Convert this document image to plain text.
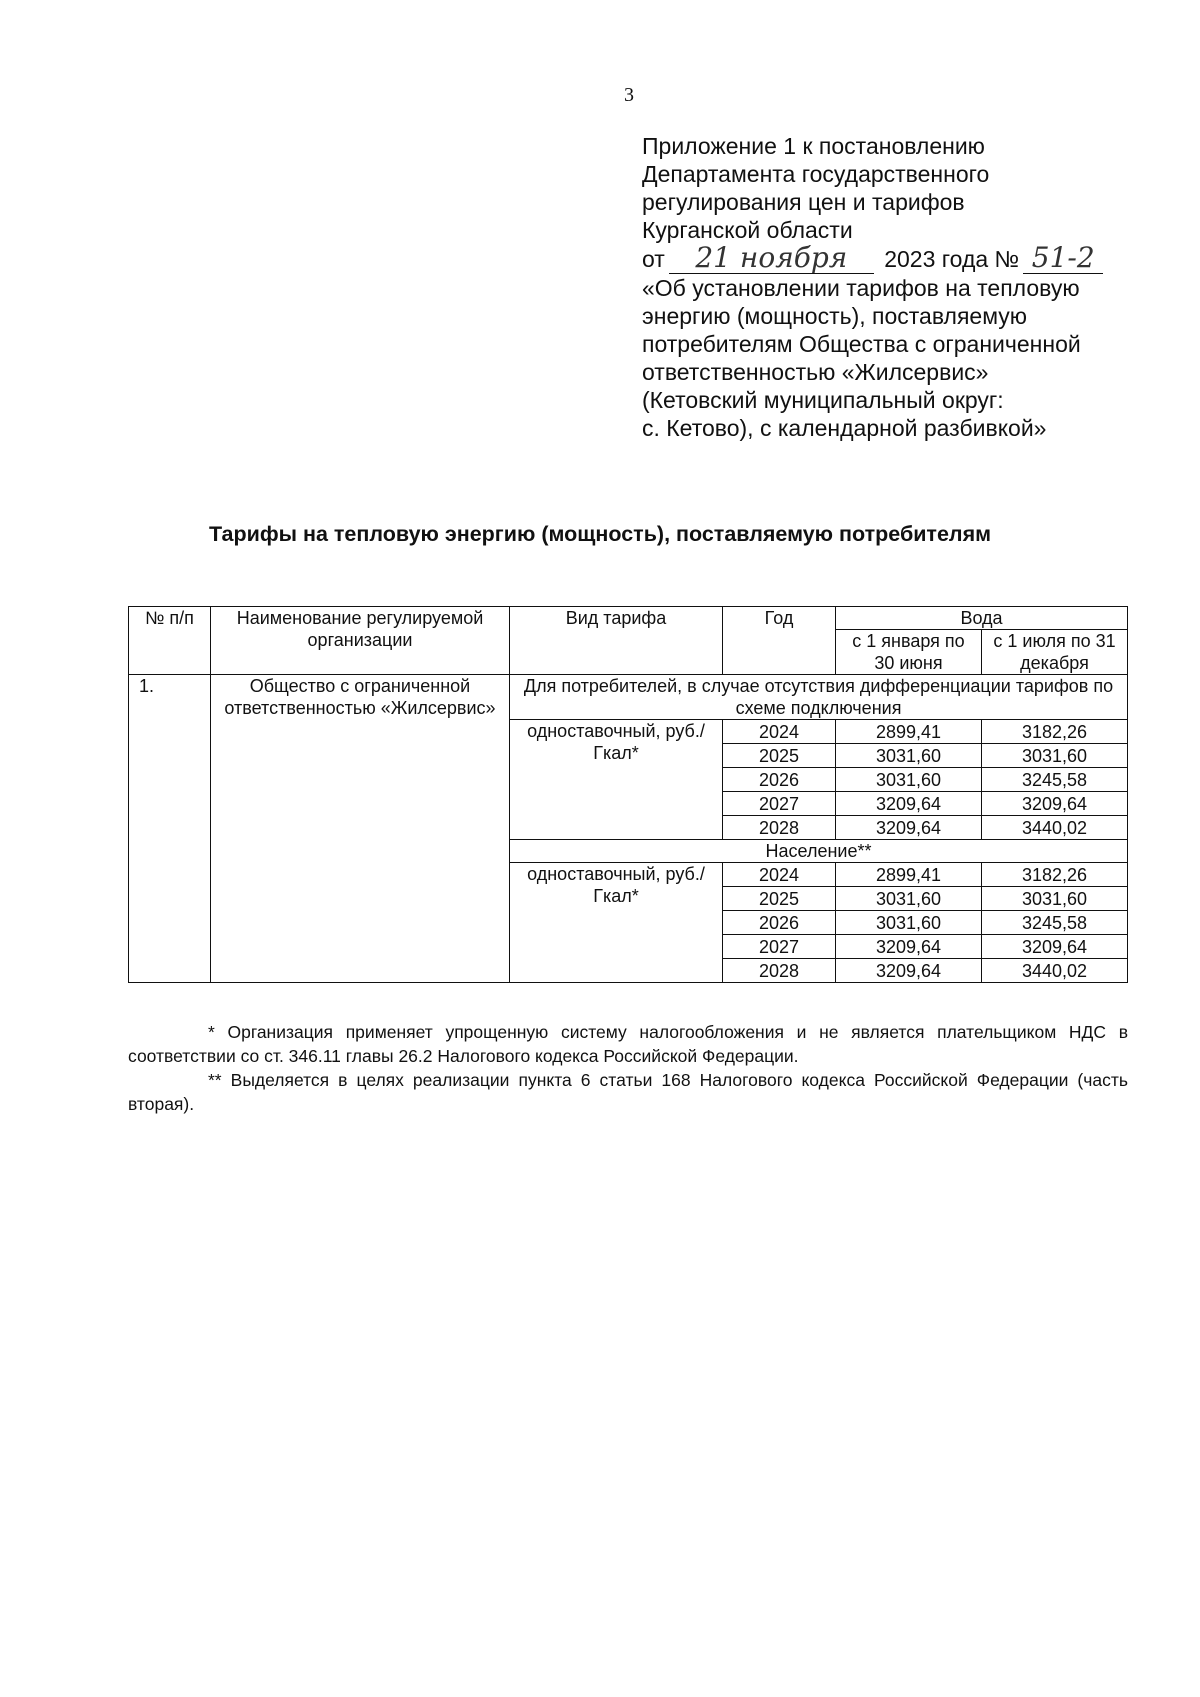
3
Приложение 1 к постановлению
Департамента государственного
регулирования цен и тарифов
Курганской области
от 21 ноября 2023 года № 51-2
«Об установлении тарифов на тепловую
энергию (мощность), поставляемую
потребителям Общества с ограниченной
ответственностью «Жилсервис»
(Кетовский муниципальный округ:
с. Кетово), с календарной разбивкой»
Тарифы на тепловую энергию (мощность), поставляемую потребителям
№ п/п	Наименование регулируемой организации	Вид тарифа	Год	Вода	
				с 1 января по 30 июня	с 1 июля по 31 декабря
1.	Общество с ограниченной ответственностью «Жилсервис»	Для потребителей, в случае отсутствия дифференциации тарифов по схеме подключения			
		одноставочный, руб./Гкал*	2024	2899,41	3182,26
			2025	3031,60	3031,60
			2026	3031,60	3245,58
			2027	3209,64	3209,64
			2028	3209,64	3440,02
		Население**			
		одноставочный, руб./Гкал*	2024	2899,41	3182,26
			2025	3031,60	3031,60
			2026	3031,60	3245,58
			2027	3209,64	3209,64
			2028	3209,64	3440,02

* Организация применяет упрощенную систему налогообложения и не является плательщиком НДС в соответствии со ст. 346.11 главы 26.2 Налогового кодекса Российской Федерации.

** Выделяется в целях реализации пункта 6 статьи 168 Налогового кодекса Российской Федерации (часть вторая).
